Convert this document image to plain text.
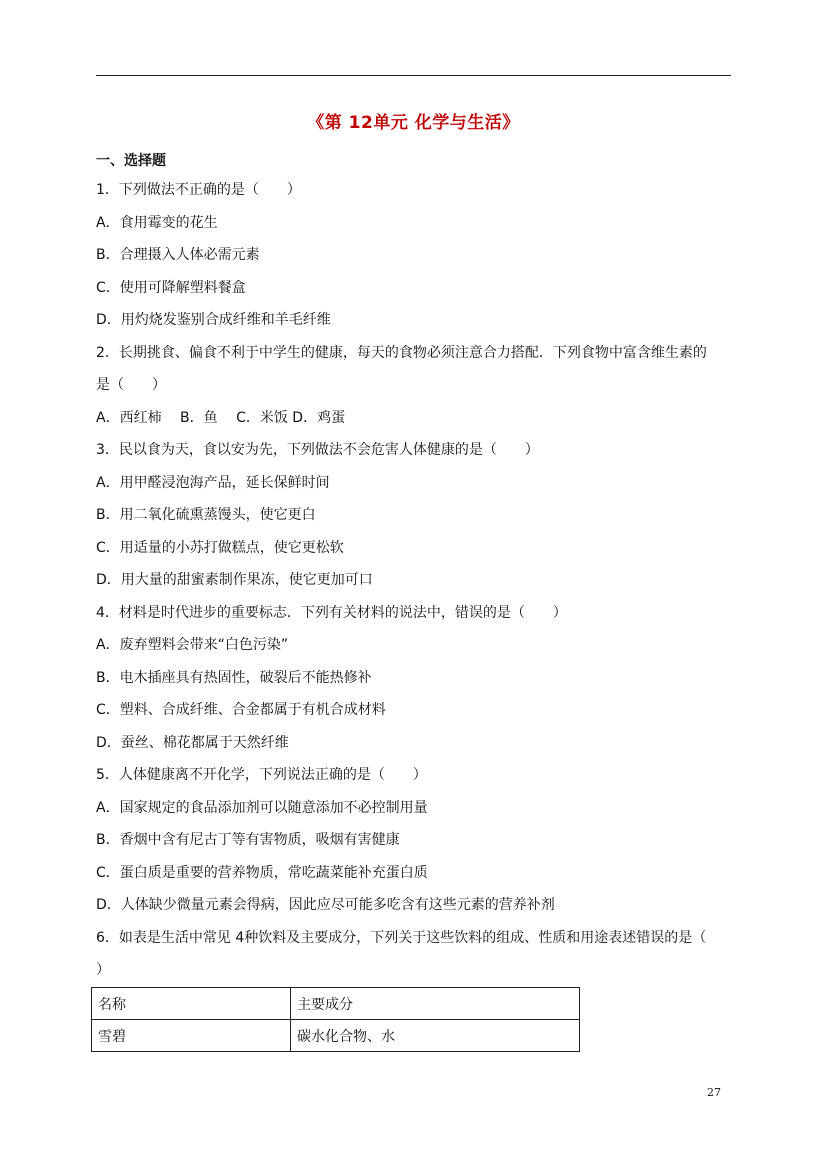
《第 12单元 化学与生活》
一、选择题
1．下列做法不正确的是（　　）
A．食用霉变的花生
B．合理摄入人体必需元素
C．使用可降解塑料餐盒
D．用灼烧发鉴别合成纤维和羊毛纤维
2．长期挑食、偏食不利于中学生的健康，每天的食物必须注意合力搭配．下列食物中富含维生素的
是（　　）
A．西红柿　 B．鱼　 C．米饭 D．鸡蛋
3．民以食为天，食以安为先，下列做法不会危害人体健康的是（　　）
A．用甲醛浸泡海产品，延长保鲜时间
B．用二氧化硫熏蒸馒头，使它更白
C．用适量的小苏打做糕点，使它更松软
D．用大量的甜蜜素制作果冻，使它更加可口
4．材料是时代进步的重要标志．下列有关材料的说法中，错误的是（　　）
A．废弃塑料会带来“白色污染”
B．电木插座具有热固性，破裂后不能热修补
C．塑料、合成纤维、合金都属于有机合成材料
D．蚕丝、棉花都属于天然纤维
5．人体健康离不开化学，下列说法正确的是（　　）
A．国家规定的食品添加剂可以随意添加不必控制用量
B．香烟中含有尼古丁等有害物质，吸烟有害健康
C．蛋白质是重要的营养物质，常吃蔬菜能补充蛋白质
D．人体缺少微量元素会得病，因此应尽可能多吃含有这些元素的营养补剂
6．如表是生活中常见 4种饮料及主要成分，下列关于这些饮料的组成、性质和用途表述错误的是（
）
名称	主要成分
雪碧	碳水化合物、水
27
